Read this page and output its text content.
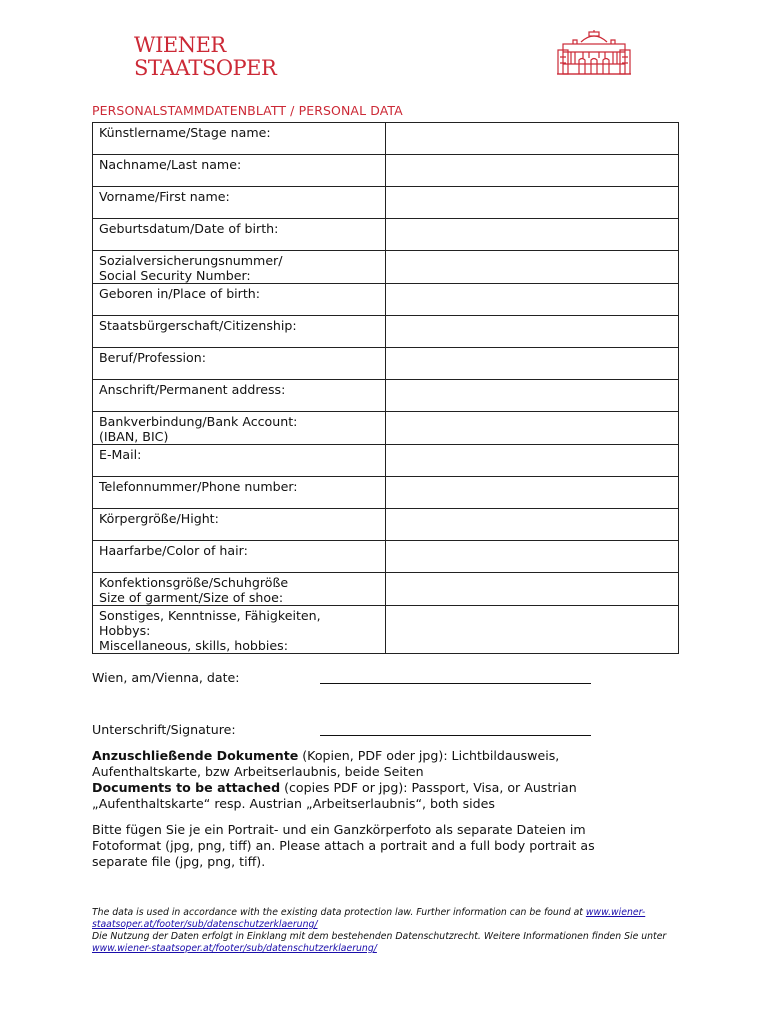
WIENER
STAATSOPER
PERSONALSTAMMDATENBLATT / PERSONAL DATA
Künstlername/Stage name:	

Nachname/Last name:	

Vorname/First name:	

Geburtsdatum/Date of birth:	

Sozialversicherungsnummer/
Social Security Number:	

Geboren in/Place of birth:	

Staatsbürgerschaft/Citizenship:	

Beruf/Profession:	

Anschrift/Permanent address:	

Bankverbindung/Bank Account:
(IBAN, BIC)	

E-Mail:	

Telefonnummer/Phone number:	

Körpergröße/Hight:	

Haarfarbe/Color of hair:	

Konfektionsgröße/Schuhgröße
Size of garment/Size of shoe:	

Sonstiges, Kenntnisse, Fähigkeiten,
Hobbys:
Miscellaneous, skills, hobbies:	

Wien, am/Vienna, date:
Unterschrift/Signature:
Anzuschließende Dokumente (Kopien, PDF oder jpg): Lichtbildausweis, Aufenthaltskarte, bzw Arbeitserlaubnis, beide Seiten
Documents to be attached (copies PDF or jpg): Passport, Visa, or Austrian „Aufenthaltskarte“ resp. Austrian „Arbeitserlaubnis“, both sides
Bitte fügen Sie je ein Portrait- und ein Ganzkörperfoto als separate Dateien im Fotoformat (jpg, png, tiff) an. Please attach a portrait and a full body portrait as separate file (jpg, png, tiff).
The data is used in accordance with the existing data protection law. Further information can be found at www.wiener-staatsoper.at/footer/sub/datenschutzerklaerung/
Die Nutzung der Daten erfolgt in Einklang mit dem bestehenden Datenschutzrecht. Weitere Informationen finden Sie unter www.wiener-staatsoper.at/footer/sub/datenschutzerklaerung/
